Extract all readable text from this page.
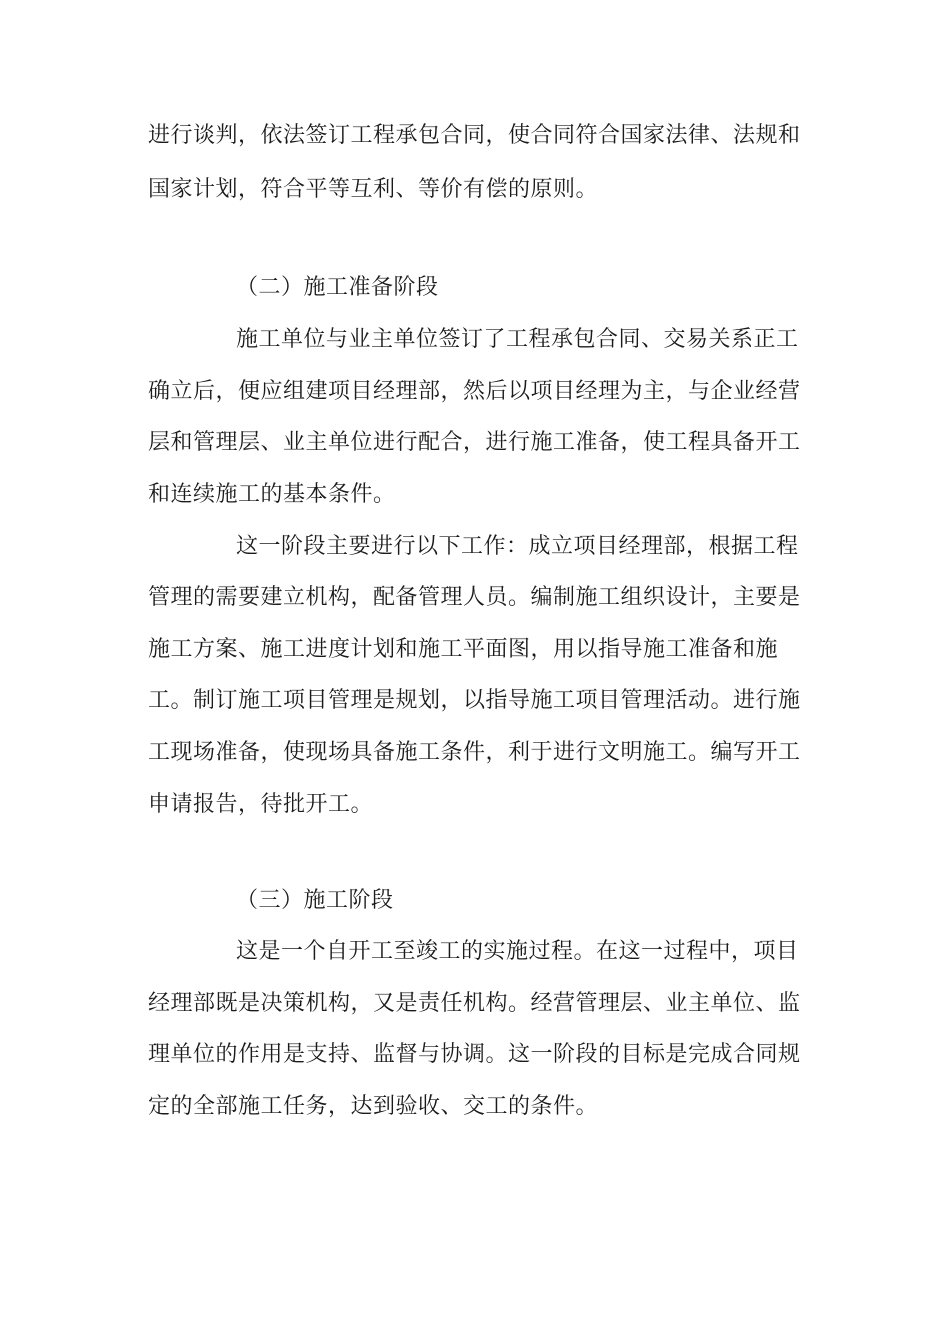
进行谈判，依法签订工程承包合同，使合同符合国家法律、法规和
国家计划，符合平等互利、等价有偿的原则。
（二）施工准备阶段
施工单位与业主单位签订了工程承包合同、交易关系正工
确立后，便应组建项目经理部，然后以项目经理为主，与企业经营
层和管理层、业主单位进行配合，进行施工准备，使工程具备开工
和连续施工的基本条件。
这一阶段主要进行以下工作：成立项目经理部，根据工程
管理的需要建立机构，配备管理人员。编制施工组织设计，主要是
施工方案、施工进度计划和施工平面图，用以指导施工准备和施
工。制订施工项目管理是规划，以指导施工项目管理活动。进行施
工现场准备，使现场具备施工条件，利于进行文明施工。编写开工
申请报告，待批开工。
（三）施工阶段
这是一个自开工至竣工的实施过程。在这一过程中，项目
经理部既是决策机构，又是责任机构。经营管理层、业主单位、监
理单位的作用是支持、监督与协调。这一阶段的目标是完成合同规
定的全部施工任务，达到验收、交工的条件。
